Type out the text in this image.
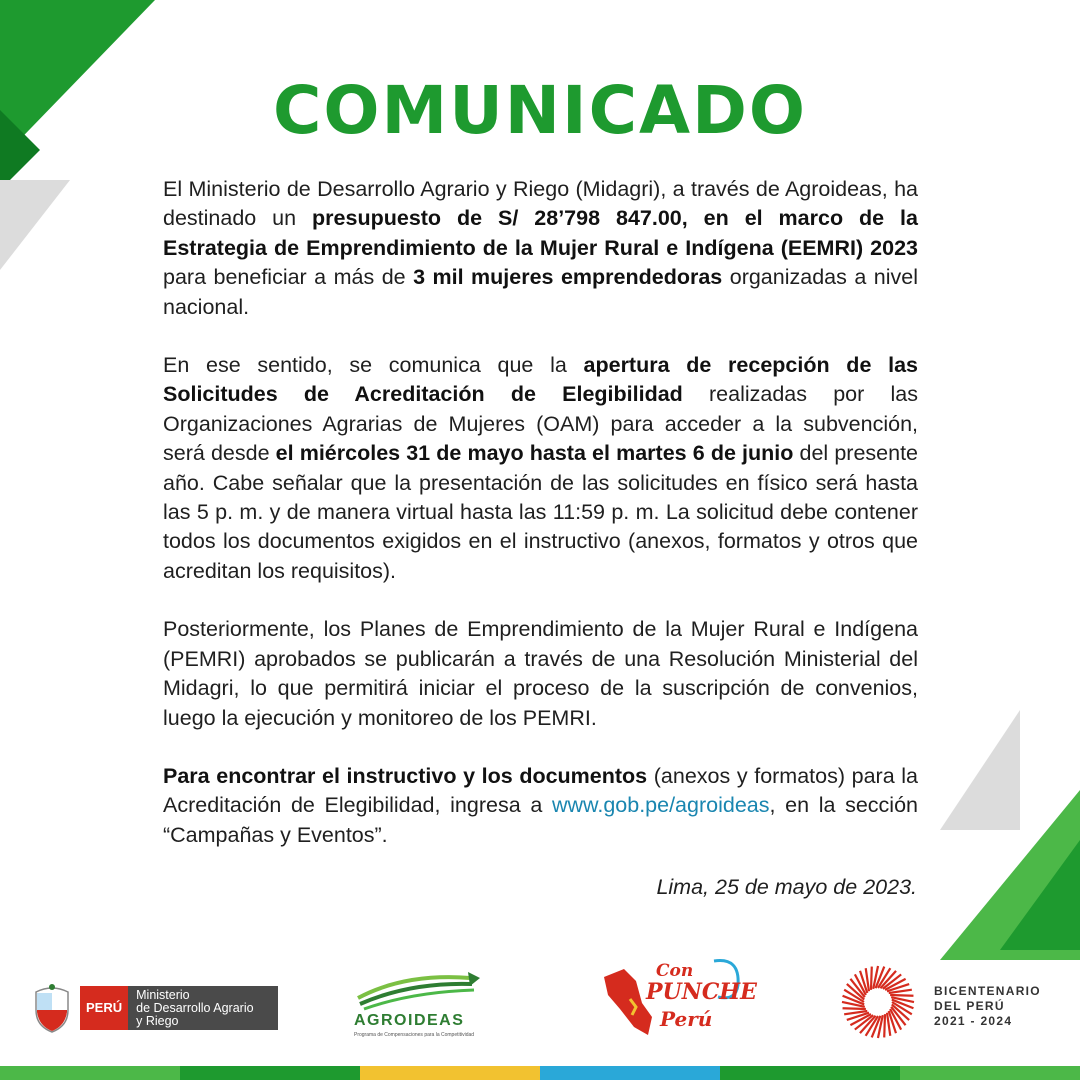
COMUNICADO

El Ministerio de Desarrollo Agrario y Riego (Midagri), a través de Agroideas, ha destinado un presupuesto de S/ 28’798 847.00, en el marco de la Estrategia de Emprendimiento de la Mujer Rural e Indígena (EEMRI) 2023 para beneficiar a más de 3 mil mujeres emprendedoras organizadas a nivel nacional.

En ese sentido, se comunica que la apertura de recepción de las Solicitudes de Acreditación de Elegibilidad realizadas por las Organizaciones Agrarias de Mujeres (OAM) para acceder a la subvención, será desde el miércoles 31 de mayo hasta el martes 6 de junio del presente año. Cabe señalar que la presentación de las solicitudes en físico será hasta las 5 p. m. y de manera virtual hasta las 11:59 p. m. La solicitud debe contener todos los documentos exigidos en el instructivo (anexos, formatos y otros que acreditan los requisitos).

Posteriormente, los Planes de Emprendimiento de la Mujer Rural e Indígena (PEMRI) aprobados se publicarán a través de una Resolución Ministerial del Midagri, lo que permitirá iniciar el proceso de la suscripción de convenios, luego la ejecución y monitoreo de los PEMRI.

Para encontrar el instructivo y los documentos (anexos y formatos) para la Acreditación de Elegibilidad, ingresa a www.gob.pe/agroideas, en la sección “Campañas y Eventos”.

Lima, 25 de mayo de 2023.
PERÚ
Ministerio
de Desarrollo Agrario
y Riego	AGROIDEAS
Programa de Compensaciones para la Competitividad
Con
PUNCHE
Perú
BICENTENARIO
DEL PERÚ
2021 - 2024
